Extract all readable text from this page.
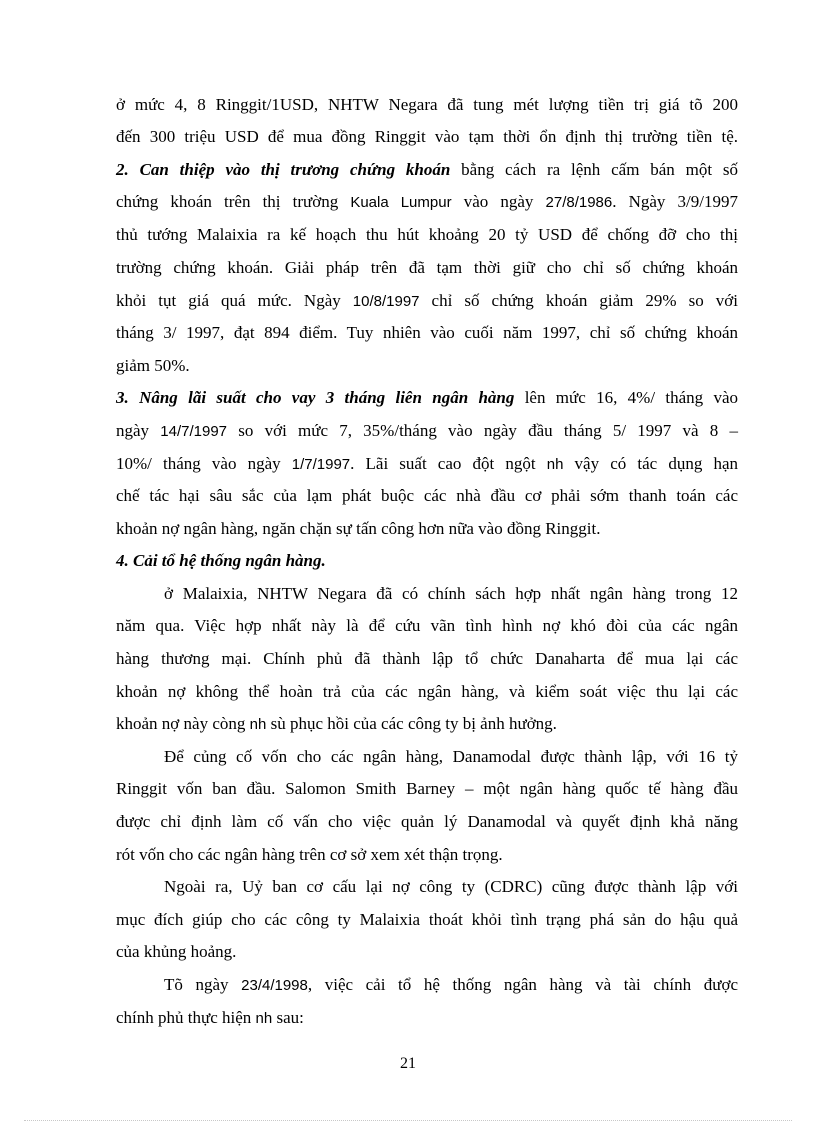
ở mức 4, 8 Ringgit/1USD, NHTW Negara đã tung mét lượng tiền trị giá tõ 200
đến 300 triệu USD để mua đồng Ringgit vào tạm thời ổn định thị trường tiền tệ.
2. Can thiệp vào thị trương chứng khoán bằng cách ra lệnh cấm bán một số
chứng khoán trên thị trường Kuala Lumpur vào ngày 27/8/1986. Ngày 3/9/1997
thủ tướng Malaixia ra kế hoạch thu hút khoảng 20 tỷ USD để chống đỡ cho thị
trường chứng khoán. Giải pháp trên đã tạm thời giữ cho chỉ số chứng khoán
khỏi tụt giá quá mức. Ngày 10/8/1997 chỉ số chứng khoán giảm 29% so với
tháng 3/ 1997, đạt 894 điểm. Tuy nhiên vào cuối năm 1997, chỉ số chứng khoán
giảm 50%.
3. Nâng lãi suất cho vay 3 tháng liên ngân hàng lên mức 16, 4%/ tháng vào
ngày 14/7/1997 so với mức 7, 35%/tháng vào ngày đầu tháng 5/ 1997 và 8 –
10%/ tháng vào ngày 1/7/1997. Lãi suất cao đột ngột nh vậy có tác dụng hạn
chế tác hại sâu sắc của lạm phát buộc các nhà đầu cơ phải sớm thanh toán các
khoản nợ ngân hàng, ngăn chặn sự tấn công hơn nữa vào đồng Ringgit.
4. Cải tổ hệ thống ngân hàng.
ở Malaixia, NHTW Negara đã có chính sách hợp nhất ngân hàng trong 12
năm qua. Việc hợp nhất này là để cứu vãn tình hình nợ khó đòi của các ngân
hàng thương mại. Chính phủ đã thành lập tổ chức Danaharta để mua lại các
khoản nợ không thể hoàn trả của các ngân hàng, và kiểm soát việc thu lại các
khoản nợ này còng nh sù phục hồi của các công ty bị ảnh hưởng.
Để củng cố vốn cho các ngân hàng, Danamodal được thành lập, với 16 tỷ
Ringgit vốn ban đầu. Salomon Smith Barney – một ngân hàng quốc tế hàng đầu
được chỉ định làm cố vấn cho việc quản lý Danamodal và quyết định khả năng
rót vốn cho các ngân hàng trên cơ sở xem xét thận trọng.
Ngoài ra, Uỷ ban cơ cấu lại nợ công ty (CDRC) cũng được thành lập với
mục đích giúp cho các công ty Malaixia thoát khỏi tình trạng phá sản do hậu quả
của khủng hoảng.
Tõ ngày 23/4/1998, việc cải tổ hệ thống ngân hàng và tài chính được
chính phủ thực hiện nh sau:
21
